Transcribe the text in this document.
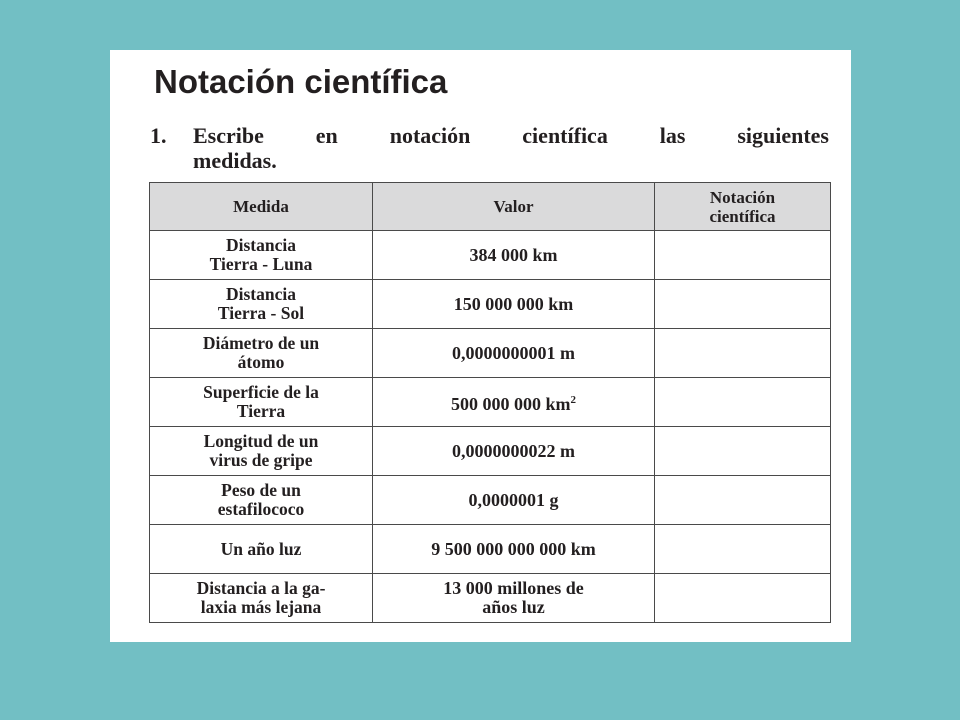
Notación científica
1. Escribe en notación científica las siguientes
medidas.
Medida	Valor	Notación
científica
Distancia
Tierra - Luna	384 000 km	
Distancia
Tierra - Sol	150 000 000 km	
Diámetro de un
átomo	0,0000000001 m	
Superficie de la
Tierra	500 000 000 $km^2$	
Longitud de un
virus de gripe	0,0000000022 m	
Peso de un
estafilococo	0,0000001 g	
Un año luz	9 500 000 000 000 km	
Distancia a la ga-
laxia más lejana	13 000 millones de
años luz	
